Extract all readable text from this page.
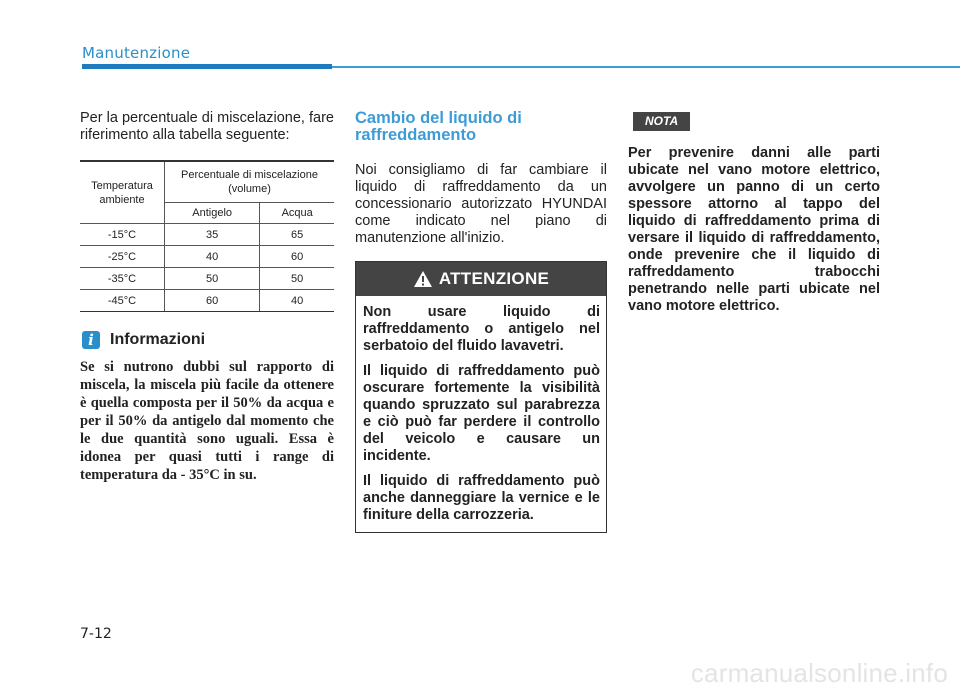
Manutenzione

Per la percentuale di miscelazione, fare riferimento alla tabella seguente:

Temperatura ambiente	Percentuale di miscelazione (volume)	
	Antigelo	Acqua
-15°C	35	65
-25°C	40	60
-35°C	50	50
-45°C	60	40
i	Informazioni

Se si nutrono dubbi sul rapporto di miscela, la miscela più facile da ottenere è quella composta per il 50% da acqua e per il 50% da antigelo dal momento che le due quantità sono uguali. Essa è idonea per quasi tutti i range di temperatura da - 35°C in su.

Cambio del liquido di raffreddamento

Noi consigliamo di far cambiare il liquido di raffreddamento da un concessionario autorizzato HYUNDAI come indicato nel piano di manutenzione all'inizio.

ATTENZIONE

Non usare liquido di raffreddamento o antigelo nel serbatoio del fluido lavavetri.

Il liquido di raffreddamento può oscurare fortemente la visibilità quando spruzzato sul parabrezza e ciò può far perdere il controllo del veicolo e causare un incidente.

Il liquido di raffreddamento può anche danneggiare la vernice e le finiture della carrozzeria.

NOTA

Per prevenire danni alle parti ubicate nel vano motore elettrico, avvolgere un panno di un certo spessore attorno al tappo del liquido di raffreddamento prima di versare il liquido di raffreddamento, onde prevenire che il liquido di raffreddamento trabocchi penetrando nelle parti ubicate nel vano motore elettrico.

7-12
carmanualsonline.info
